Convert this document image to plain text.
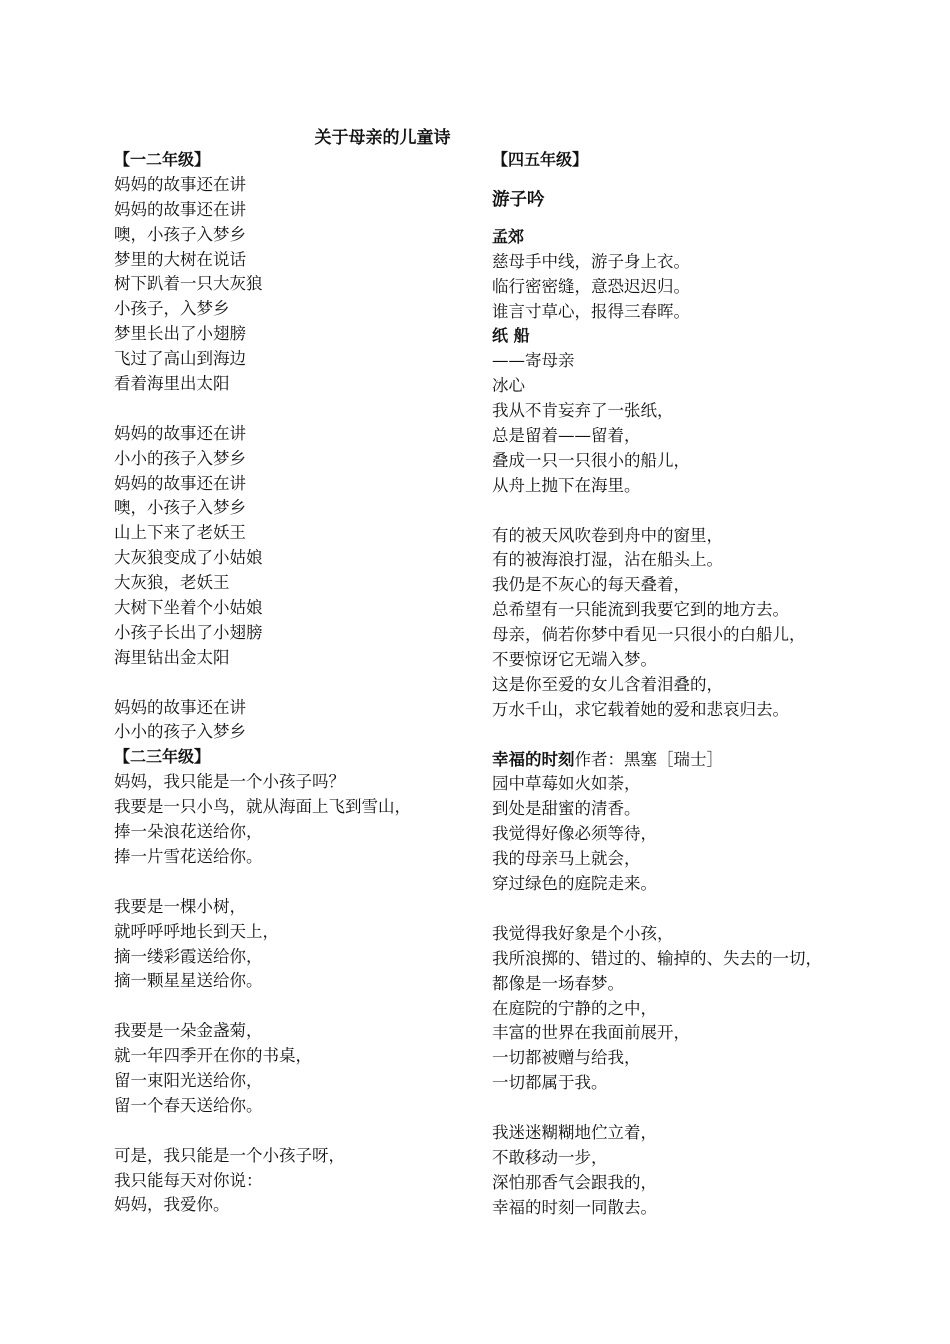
关于母亲的儿童诗
【一二年级】
妈妈的故事还在讲
妈妈的故事还在讲
噢，小孩子入梦乡
梦里的大树在说话
树下趴着一只大灰狼
小孩子，入梦乡
梦里长出了小翅膀
飞过了高山到海边
看着海里出太阳
妈妈的故事还在讲
小小的孩子入梦乡
妈妈的故事还在讲
噢，小孩子入梦乡
山上下来了老妖王
大灰狼变成了小姑娘
大灰狼，老妖王
大树下坐着个小姑娘
小孩子长出了小翅膀
海里钻出金太阳
妈妈的故事还在讲
小小的孩子入梦乡
【二三年级】
妈妈，我只能是一个小孩子吗？
我要是一只小鸟，就从海面上飞到雪山，
捧一朵浪花送给你，
捧一片雪花送给你。
我要是一棵小树，
就呼呼呼地长到天上，
摘一缕彩霞送给你，
摘一颗星星送给你。
我要是一朵金盏菊，
就一年四季开在你的书桌，
留一束阳光送给你，
留一个春天送给你。
可是，我只能是一个小孩子呀，
我只能每天对你说：
妈妈，我爱你。
【四五年级】
游子吟
孟郊
慈母手中线，游子身上衣。
临行密密缝，意恐迟迟归。
谁言寸草心，报得三春晖。
纸 船
——寄母亲
冰心
我从不肯妄弃了一张纸，
总是留着——留着，
叠成一只一只很小的船儿，
从舟上抛下在海里。
有的被天风吹卷到舟中的窗里，
有的被海浪打湿，沾在船头上。
我仍是不灰心的每天叠着，
总希望有一只能流到我要它到的地方去。
母亲，倘若你梦中看见一只很小的白船儿，
不要惊讶它无端入梦。
这是你至爱的女儿含着泪叠的，
万水千山，求它载着她的爱和悲哀归去。
幸福的时刻作者：黑塞［瑞士］
园中草莓如火如荼，
到处是甜蜜的清香。
我觉得好像必须等待，
我的母亲马上就会，
穿过绿色的庭院走来。
我觉得我好象是个小孩，
我所浪掷的、错过的、输掉的、失去的一切，
都像是一场春梦。
在庭院的宁静的之中，
丰富的世界在我面前展开，
一切都被赠与给我，
一切都属于我。
我迷迷糊糊地伫立着，
不敢移动一步，
深怕那香气会跟我的，
幸福的时刻一同散去。
